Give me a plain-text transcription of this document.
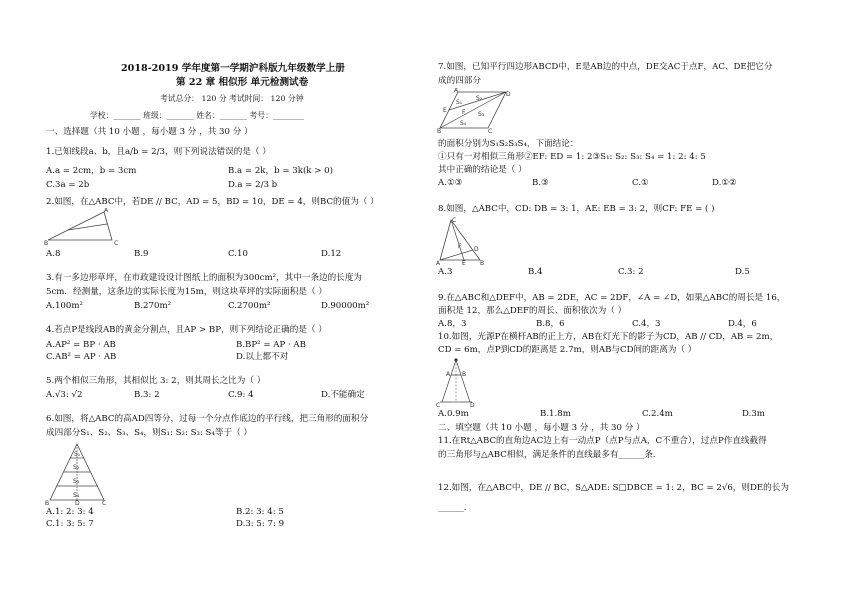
2018-2019 学年度第一学期沪科版九年级数学上册
第 22 章 相似形 单元检测试卷
考试总分： 120 分 考试时间： 120 分钟
学校：_______ 班级：_______ 姓名：_______ 考号：________
一、选择题（共 10 小题 ，每小题 3 分 ，共 30 分 ）
1.已知线段a、b，且a/b = 2/3，则下列说法错误的是（ ）
A.a = 2cm，b = 3cm	B.a = 2k，b = 3k(k > 0)
C.3a = 2b	D.a = 2/3 b
2.如图，在△ABC中，若DE // BC，AD = 5，BD = 10，DE = 4，则BC的值为（ ）
B	C
A
A.8	B.9	C.10	D.12
3.有一多边形草坪，在市政建设设计图纸上的面积为300cm²，其中一条边的长度为
5cm．经测量，这条边的实际长度为15m，则这块草坪的实际面积是（ ）
A.100m²	B.270m²	C.2700m²	D.90000m²
4.若点P是线段AB的黄金分割点，且AP > BP，则下列结论正确的是（ ）
A.AP² = BP · AB	B.BP² = AP · AB
C.AB² = AP · AB	D.以上都不对
5.两个相似三角形，其相似比 3: 2，则其周长之比为（ ）
A.√3: √2	B.3: 2	C.9: 4	D.不能确定
6.如图，将△ABC的高AD四等分，过每一个分点作底边的平行线，把三角形的面积分
成四部分S₁、S₂、S₃、S₄，则S₁: S₂: S₃: S₄等于（ ）
S₁
S₂
S₃
S₄
B	D	C
A.1: 2: 3: 4	B.2: 3: 4: 5
C.1: 3: 5: 7	D.3: 5: 7: 9
7.如图，已知平行四边形ABCD中，E是AB边的中点，DE交AC于点F，AC、DE把它分
成的四部分
A
D
B	C
E	F
S₁
S₂
S₃
S₄
的面积分别为S₁S₂S₃S₄，下面结论：
①只有一对相似三角形②EF: ED = 1: 2③S₁: S₂: S₃: S₄ = 1: 2: 4: 5
其中正确的结论是（ ）
A.①③	B.③	C.①	D.①②
8.如图，△ABC中，CD: DB = 3: 1，AE: EB = 3: 2，则CF: FE = ( )
C
A	B
D
E
F
A.3	B.4	C.3: 2	D.5
9.在△ABC和△DEF中，AB = 2DE，AC = 2DF，∠A = ∠D，如果△ABC的周长是 16，
面积是 12，那么△DEF的周长、面积依次为（ ）
A.8，3	B.8，6	C.4，3	D.4，6
10.如图，光源P在横杆AB的正上方，AB在灯光下的影子为CD，AB // CD，AB = 2m，
CD = 6m，点P到CD的距离是 2.7m，则AB与CD间的距离为（ ）
A B
C	D
A.0.9m	B.1.8m	C.2.4m	D.3m
二、填空题（共 10 小题 ，每小题 3 分 ，共 30 分 ）
11.在Rt△ABC的直角边AC边上有一动点P（点P与点A，C不重合），过点P作直线截得
的三角形与△ABC相似，满足条件的直线最多有______条.
12.如图，在△ABC中，DE // BC，S△ADE: S□DBCE = 1: 2，BC = 2√6，则DE的长为
______.
